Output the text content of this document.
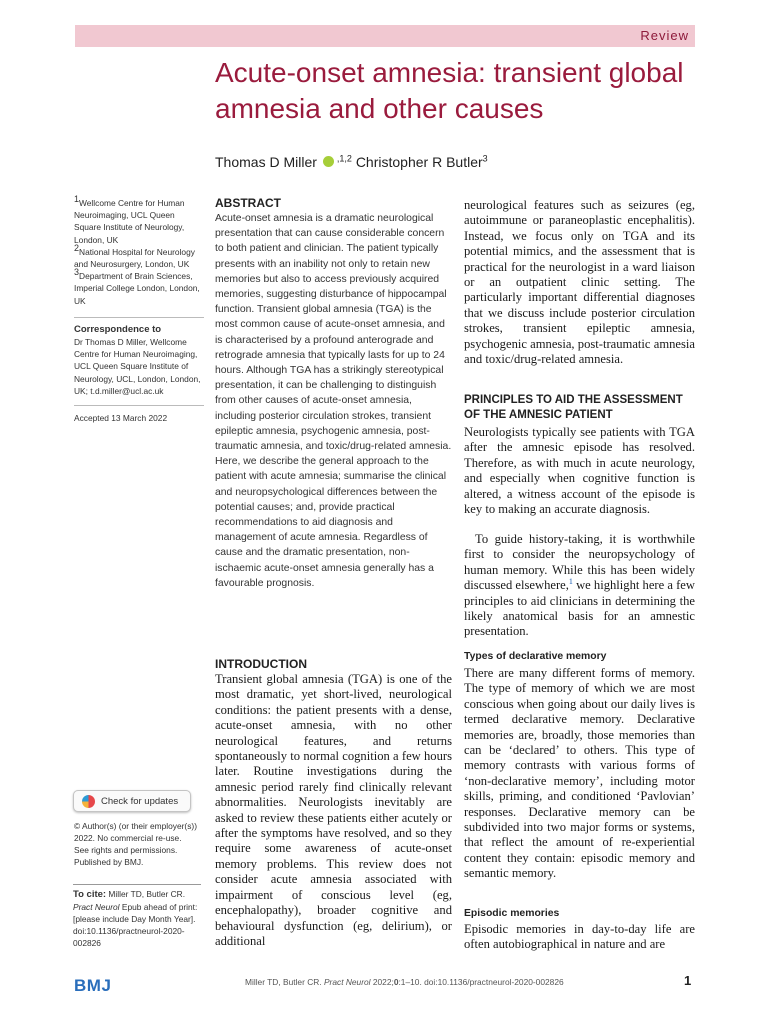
Review
Acute-onset amnesia: transient global amnesia and other causes
Thomas D Miller $^{,1,2}$ Christopher R Butler$^3$

$^1$Wellcome Centre for Human Neuroimaging, UCL Queen Square Institute of Neurology, London, UK

$^2$National Hospital for Neurology and Neurosurgery, London, UK

$^3$Department of Brain Sciences, Imperial College London, London, UK

Correspondence to

Dr Thomas D Miller, Wellcome Centre for Human Neuroimaging, UCL Queen Square Institute of Neurology, UCL, London, London, UK; t.d.miller@ucl.ac.uk

Accepted 13 March 2022

Check for updates

© Author(s) (or their employer(s)) 2022. No commercial re-use. See rights and permissions. Published by BMJ.

To cite: Miller TD, Butler CR. Pract Neurol Epub ahead of print: [please include Day Month Year]. doi:10.1136/practneurol-2020-002826
ABSTRACT

Acute-onset amnesia is a dramatic neurological presentation that can cause considerable concern to both patient and clinician. The patient typically presents with an inability not only to retain new memories but also to access previously acquired memories, suggesting disturbance of hippocampal function. Transient global amnesia (TGA) is the most common cause of acute-onset amnesia, and is characterised by a profound anterograde and retrograde amnesia that typically lasts for up to 24 hours. Although TGA has a strikingly stereotypical presentation, it can be challenging to distinguish from other causes of acute-onset amnesia, including posterior circulation strokes, transient epileptic amnesia, psychogenic amnesia, post-traumatic amnesia, and toxic/drug-related amnesia. Here, we describe the general approach to the patient with acute amnesia; summarise the clinical and neuropsychological differences between the potential causes; and, provide practical recommendations to aid diagnosis and management of acute amnesia. Regardless of cause and the dramatic presentation, non-ischaemic acute-onset amnesia generally has a favourable prognosis.

INTRODUCTION

Transient global amnesia (TGA) is one of the most dramatic, yet short-lived, neurological conditions: the patient presents with a dense, acute-onset amnesia, with no other neurological features, and returns spontaneously to normal cognition a few hours later. Routine investigations during the amnesic period rarely find clinically relevant abnormalities. Neurologists inevitably are asked to review these patients either acutely or after the symptoms have resolved, and so they require some awareness of acute-onset memory problems. This review does not consider acute amnesia associated with impairment of conscious level (eg, encephalopathy), broader cognitive and behavioural dysfunction (eg, delirium), or additional

neurological features such as seizures (eg, autoimmune or paraneoplastic encephalitis). Instead, we focus only on TGA and its potential mimics, and the assessment that is practical for the neurologist in a ward liaison or an outpatient clinic setting. The particularly important differential diagnoses that we discuss include posterior circulation strokes, transient epileptic amnesia, psychogenic amnesia, post-traumatic amnesia and toxic/drug-related amnesia.

PRINCIPLES TO AID THE ASSESSMENT OF THE AMNESIC PATIENT

Neurologists typically see patients with TGA after the amnesic episode has resolved. Therefore, as with much in acute neurology, and especially when cognitive function is altered, a witness account of the episode is key to making an accurate diagnosis.

To guide history-taking, it is worthwhile first to consider the neuropsychology of human memory. While this has been widely discussed elsewhere,$^1$ we highlight here a few principles to aid clinicians in determining the likely anatomical basis for an amnestic presentation.

Types of declarative memory

There are many different forms of memory. The type of memory of which we are most conscious when going about our daily lives is termed declarative memory. Declarative memories are, broadly, those memories than can be ‘declared’ to others. This type of memory contrasts with various forms of ‘non-declarative memory’, including motor skills, priming, and conditioned ‘Pavlovian’ responses. Declarative memory can be subdivided into two major forms or systems, that reflect the amount of re-experiential content they contain: episodic memory and semantic memory.

Episodic memories

Episodic memories in day-to-day life are often autobiographical in nature and are

BMJ	Miller TD, Butler CR. Pract Neurol 2022;0:1–10. doi:10.1136/practneurol-2020-002826	1
